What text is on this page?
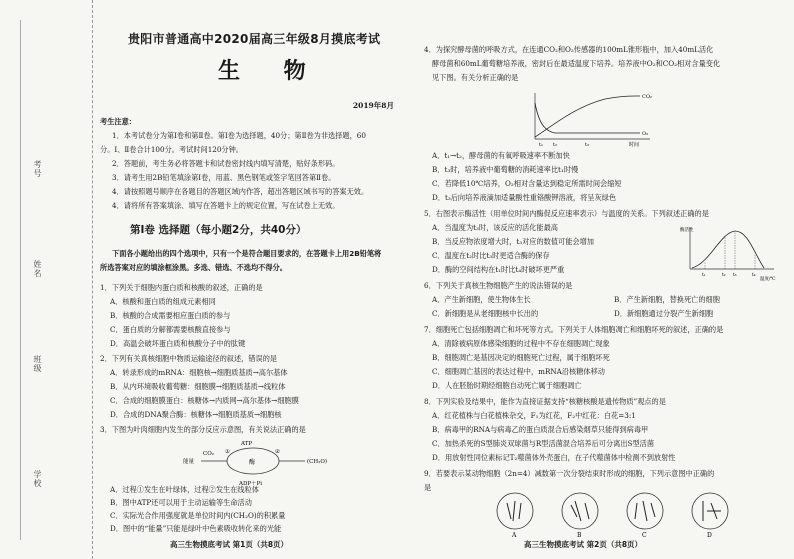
考号
姓名
班级
学校
贵阳市普通高中2020届高三年级8月摸底考试
生 物
2019年8月
考生注意：
1．本考试卷分为第Ⅰ卷和第Ⅱ卷。第Ⅰ卷为选择题，40分；第Ⅱ卷为非选择题，60
分。Ⅰ、Ⅱ卷合计100分。考试时间120分钟。
2．答题前，考生务必将答题卡和试卷密封线内填写清楚，贴好条形码。
3．请考生用2B铅笔填涂第Ⅰ卷，用蓝、黑色钢笔或签字笔回答第Ⅱ卷。
4．请按照题号顺序在各题目的答题区域内作答，超出答题区域书写的答案无效。
4．请将所有答案填涂、填写在答题卡上的规定位置，写在试卷上无效。
第Ⅰ卷 选择题（每小题2分，共40分）
下面各小题给出的四个选项中，只有一个是符合题目要求的，在答题卡上用2B铅笔将
所选答案对应的填涂框涂黑。多选、错选、不选均不得分。
1．下列关于细胞内蛋白质和核酸的叙述，正确的是
A．核酸和蛋白质的组成元素相同
B．核酸的合成需要相应蛋白质的参与
C．蛋白质的分解都需要核酸直接参与
D．高温会破坏蛋白质和核酸分子中的肽键
2．下列有关真核细胞中物质运输途径的叙述，错误的是
A．转录形成的mRNA：细胞核→细胞质基质→高尔基体
B．从内环境吸收葡萄糖：细胞膜→细胞质基质→线粒体
C．合成的细胞膜蛋白：核糖体→内质网→高尔基体→细胞膜
D．合成的DNA聚合酶：核糖体→细胞质基质→细胞核
3．下图为叶肉细胞内发生的部分反应示意图，有关说法正确的是
ATP
ADP＋Pi
能量	(CH₂O)
酶
①	②
CO₂
A．过程①发生在叶绿体，过程②发生在线粒体
B．图中ATP还可以用于主动运输等生命活动
C．实际光合作用强度就是单位时间内(CH₂O)的积累量
D．图中的“能量”只能是绿叶中色素吸收转化来的光能
高三生物摸底考试 第1页（共8页）
4．为探究酵母菌的呼吸方式，在连通CO₂和O₂传感器的100mL锥形瓶中，加入40mL活化
酵母菌和60mL葡萄糖培养液，密封后在最适温度下培养。培养液中O₂和CO₂相对含量变化
见下图。有关分析正确的是
CO₂
O₂
t₁ t₂	t₃	时间
A．t₁→t₂，酵母菌的有氧呼吸速率不断加快
B．t₃时，培养液中葡萄糖的消耗速率比t₁时慢
C．若降低10℃培养，O₂相对含量达到稳定所需时间会缩短
D．t₃后向培养液滴加适量酸性重铬酸钾溶液，将呈灰绿色
5．右图表示酶活性（用单位时间内酶促反应速率表示）与温度的关系。下列叙述正确的是
A．当温度为t₃时，该反应的活化能最高
B．当反应物浓度增大时，t₃对应的数值可能会增加
C．温度在t₂时比t₃时更适合酶的保存
D．酶的空间结构在t₁时比t₄时破坏更严重
酶活性
t₁	t₂ t₃	t₄
温度/℃
6．下列关于真核生物细胞产生的说法错误的是
A．产生新细胞，使生物体生长	B．产生新细胞，替换死亡的细胞
C．新细胞是从老细胞核中长出的	D．新细胞通过分裂产生新细胞
7．细胞死亡包括细胞凋亡和坏死等方式。下列关于人体细胞凋亡和细胞坏死的叙述，正确的是
A．清除被病原体感染细胞的过程中不存在细胞凋亡现象
B．细胞凋亡是基因决定的细胞死亡过程，属于细胞坏死
C．细胞凋亡基因的表达过程中，mRNA沿核糖体移动
D．人在胚胎时期经细胞自动死亡属于细胞凋亡
8．下列实验及结果中，能作为直接证据支持“核糖核酸是遗传物质”观点的是
A．红花植株与白花植株杂交，F₁为红花，F₂中红花：白花=3:1
B．病毒甲的RNA与病毒乙的蛋白质混合后感染烟草只能得到病毒甲
C．加热杀死的S型肺炎双球菌与R型活菌混合培养后可分离出S型活菌
D．用放射性同位素标记T₂噬菌体外壳蛋白，在子代噬菌体中检测不到放射性
9．若要表示某动物细胞（2n=4）减数第一次分裂结束时形成的细胞，下列示意图中正确的
是
A	B	C	D
高三生物摸底考试 第2页（共8页）
